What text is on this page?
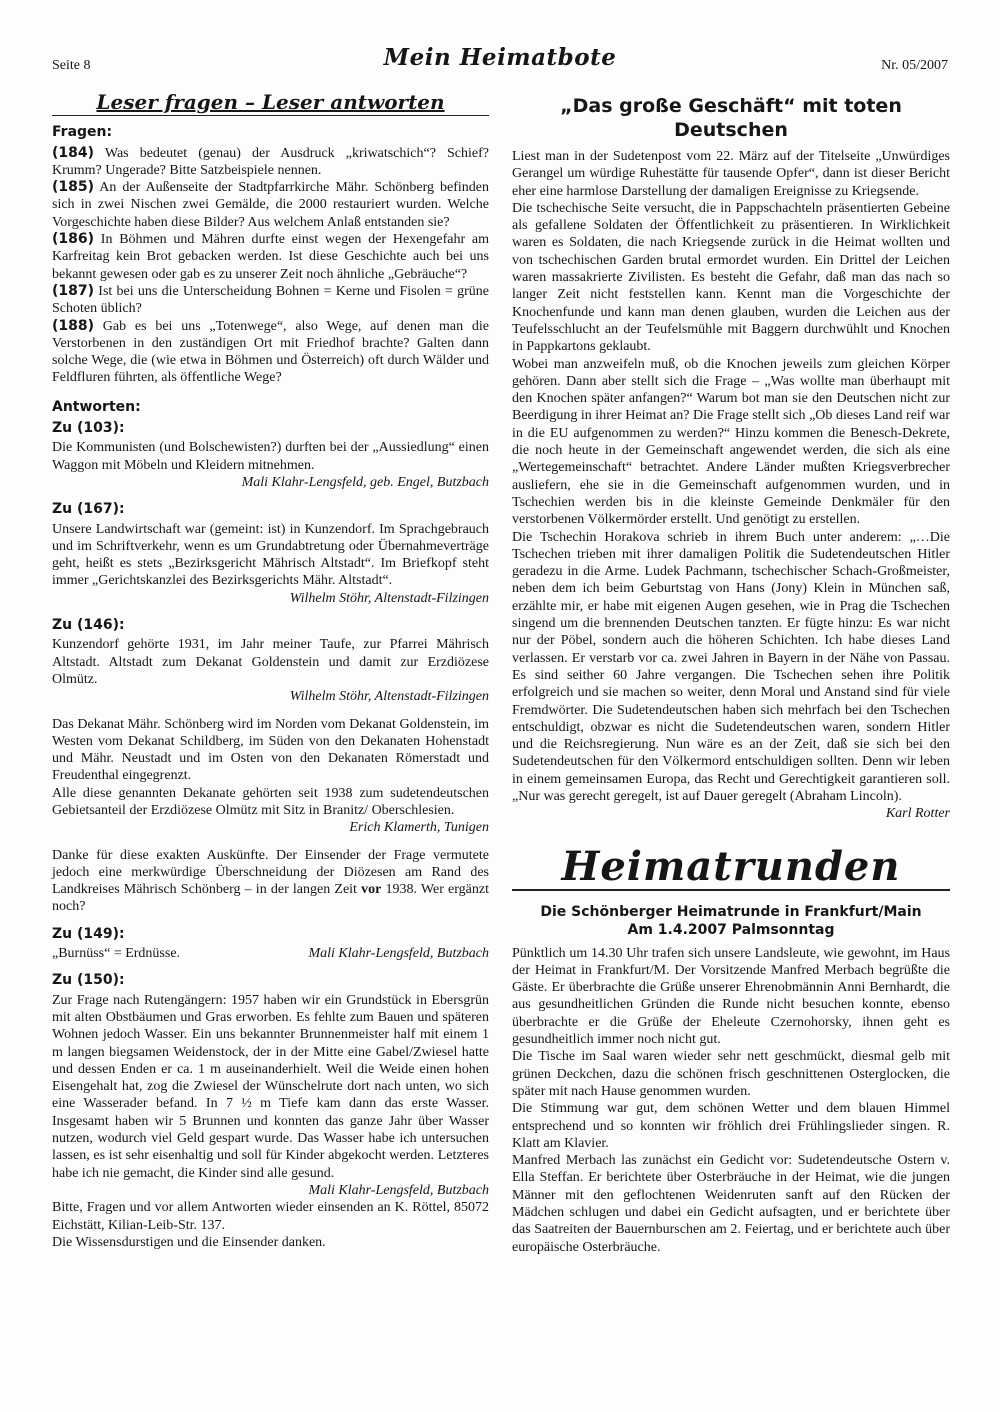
Seite 8	Mein Heimatbote	Nr. 05/2007
Leser fragen – Leser antworten
Fragen:

(184) Was bedeutet (genau) der Ausdruck „kriwatschich“? Schief? Krumm? Ungerade? Bitte Satzbeispiele nennen.

(185) An der Außenseite der Stadtpfarrkirche Mähr. Schönberg befinden sich in zwei Nischen zwei Gemälde, die 2000 restauriert wurden. Welche Vorgeschichte haben diese Bilder? Aus welchem Anlaß entstanden sie?

(186) In Böhmen und Mähren durfte einst wegen der Hexengefahr am Karfreitag kein Brot gebacken werden. Ist diese Geschichte auch bei uns bekannt gewesen oder gab es zu unserer Zeit noch ähnliche „Gebräuche“?

(187) Ist bei uns die Unterscheidung Bohnen = Kerne und Fisolen = grüne Schoten üblich?

(188) Gab es bei uns „Totenwege“, also Wege, auf denen man die Verstorbenen in den zuständigen Ort mit Friedhof brachte? Galten dann solche Wege, die (wie etwa in Böhmen und Österreich) oft durch Wälder und Feldfluren führten, als öffentliche Wege?

Antworten:
Zu (103):

Die Kommunisten (und Bolschewisten?) durften bei der „Aussiedlung“ einen Waggon mit Möbeln und Kleidern mitnehmen.

Mali Klahr-Lengsfeld, geb. Engel, Butzbach

Zu (167):

Unsere Landwirtschaft war (gemeint: ist) in Kunzendorf. Im Sprachgebrauch und im Schriftverkehr, wenn es um Grundabtretung oder Übernahmeverträge geht, heißt es stets „Bezirksgericht Mährisch Altstadt“. Im Briefkopf steht immer „Gerichtskanzlei des Bezirksgerichts Mähr. Altstadt“.

Wilhelm Stöhr, Altenstadt-Filzingen

Zu (146):

Kunzendorf gehörte 1931, im Jahr meiner Taufe, zur Pfarrei Mährisch Altstadt. Altstadt zum Dekanat Goldenstein und damit zur Erzdiözese Olmütz.

Wilhelm Stöhr, Altenstadt-Filzingen

Das Dekanat Mähr. Schönberg wird im Norden vom Dekanat Goldenstein, im Westen vom Dekanat Schildberg, im Süden von den Dekanaten Hohenstadt und Mähr. Neustadt und im Osten von den Dekanaten Römerstadt und Freudenthal eingegrenzt.

Alle diese genannten Dekanate gehörten seit 1938 zum sudetendeutschen Gebietsanteil der Erzdiözese Olmütz mit Sitz in Branitz/ Oberschlesien.

Erich Klamerth, Tunigen

Danke für diese exakten Auskünfte. Der Einsender der Frage vermutete jedoch eine merkwürdige Überschneidung der Diözesen am Rand des Landkreises Mährisch Schönberg – in der langen Zeit vor 1938. Wer ergänzt noch?

Zu (149):
„Burnüss“ = Erdnüsse.	Mali Klahr-Lengsfeld, Butzbach
Zu (150):

Zur Frage nach Rutengängern: 1957 haben wir ein Grundstück in Ebersgrün mit alten Obstbäumen und Gras erworben. Es fehlte zum Bauen und späteren Wohnen jedoch Wasser. Ein uns bekannter Brunnenmeister half mit einem 1 m langen biegsamen Weidenstock, der in der Mitte eine Gabel/Zwiesel hatte und dessen Enden er ca. 1 m auseinanderhielt. Weil die Weide einen hohen Eisengehalt hat, zog die Zwiesel der Wünschelrute dort nach unten, wo sich eine Wasserader befand. In 7 ½ m Tiefe kam dann das erste Wasser. Insgesamt haben wir 5 Brunnen und konnten das ganze Jahr über Wasser nutzen, wodurch viel Geld gespart wurde. Das Wasser habe ich untersuchen lassen, es ist sehr eisenhaltig und soll für Kinder abgekocht werden. Letzteres habe ich nie gemacht, die Kinder sind alle gesund.

Mali Klahr-Lengsfeld, Butzbach

Bitte, Fragen und vor allem Antworten wieder einsenden an K. Röttel, 85072 Eichstätt, Kilian-Leib-Str. 137.

Die Wissensdurstigen und die Einsender danken.

„Das große Geschäft“ mit toten Deutschen

Liest man in der Sudetenpost vom 22. März auf der Titelseite „Unwürdiges Gerangel um würdige Ruhestätte für tausende Opfer“, dann ist dieser Bericht eher eine harmlose Darstellung der damaligen Ereignisse zu Kriegsende.

Die tschechische Seite versucht, die in Pappschachteln präsentierten Gebeine als gefallene Soldaten der Öffentlichkeit zu präsentieren. In Wirklichkeit waren es Soldaten, die nach Kriegsende zurück in die Heimat wollten und von tschechischen Garden brutal ermordet wurden. Ein Drittel der Leichen waren massakrierte Zivilisten. Es besteht die Gefahr, daß man das nach so langer Zeit nicht feststellen kann. Kennt man die Vorgeschichte der Knochenfunde und kann man denen glauben, wurden die Leichen aus der Teufelsschlucht an der Teufelsmühle mit Baggern durchwühlt und Knochen in Pappkartons geklaubt.

Wobei man anzweifeln muß, ob die Knochen jeweils zum gleichen Körper gehören. Dann aber stellt sich die Frage – „Was wollte man überhaupt mit den Knochen später anfangen?“ Warum bot man sie den Deutschen nicht zur Beerdigung in ihrer Heimat an? Die Frage stellt sich „Ob dieses Land reif war in die EU aufgenommen zu werden?“ Hinzu kommen die Benesch-Dekrete, die noch heute in der Gemeinschaft angewendet werden, die sich als eine „Wertegemeinschaft“ betrachtet. Andere Länder mußten Kriegsverbrecher ausliefern, ehe sie in die Gemeinschaft aufgenommen wurden, und in Tschechien werden bis in die kleinste Gemeinde Denkmäler für den verstorbenen Völkermörder erstellt. Und genötigt zu erstellen.

Die Tschechin Horakova schrieb in ihrem Buch unter anderem: „…Die Tschechen trieben mit ihrer damaligen Politik die Sudetendeutschen Hitler geradezu in die Arme. Ludek Pachmann, tschechischer Schach-Großmeister, neben dem ich beim Geburtstag von Hans (Jony) Klein in München saß, erzählte mir, er habe mit eigenen Augen gesehen, wie in Prag die Tschechen singend um die brennenden Deutschen tanzten. Er fügte hinzu: Es war nicht nur der Pöbel, sondern auch die höheren Schichten. Ich habe dieses Land verlassen. Er verstarb vor ca. zwei Jahren in Bayern in der Nähe von Passau. Es sind seither 60 Jahre vergangen. Die Tschechen sehen ihre Politik erfolgreich und sie machen so weiter, denn Moral und Anstand sind für viele Fremdwörter. Die Sudetendeutschen haben sich mehrfach bei den Tschechen entschuldigt, obzwar es nicht die Sudetendeutschen waren, sondern Hitler und die Reichsregierung. Nun wäre es an der Zeit, daß sie sich bei den Sudetendeutschen für den Völkermord entschuldigen sollten. Denn wir leben in einem gemeinsamen Europa, das Recht und Gerechtigkeit garantieren soll. „Nur was gerecht geregelt, ist auf Dauer geregelt (Abraham Lincoln).

Karl Rotter

Heimatrunden
Die Schönberger Heimatrunde in Frankfurt/Main
Am 1.4.2007 Palmsonntag

Pünktlich um 14.30 Uhr trafen sich unsere Landsleute, wie gewohnt, im Haus der Heimat in Frankfurt/M. Der Vorsitzende Manfred Merbach begrüßte die Gäste. Er überbrachte die Grüße unserer Ehrenobmännin Anni Bernhardt, die aus gesundheitlichen Gründen die Runde nicht besuchen konnte, ebenso überbrachte er die Grüße der Eheleute Czernohorsky, ihnen geht es gesundheitlich immer noch nicht gut.

Die Tische im Saal waren wieder sehr nett geschmückt, diesmal gelb mit grünen Deckchen, dazu die schönen frisch geschnittenen Osterglocken, die später mit nach Hause genommen wurden.

Die Stimmung war gut, dem schönen Wetter und dem blauen Himmel entsprechend und so konnten wir fröhlich drei Frühlingslieder singen. R. Klatt am Klavier.

Manfred Merbach las zunächst ein Gedicht vor: Sudetendeutsche Ostern v. Ella Steffan. Er berichtete über Osterbräuche in der Heimat, wie die jungen Männer mit den geflochtenen Weidenruten sanft auf den Rücken der Mädchen schlugen und dabei ein Gedicht aufsagten, und er berichtete über das Saatreiten der Bauernburschen am 2. Feiertag, und er berichtete auch über europäische Osterbräuche.
